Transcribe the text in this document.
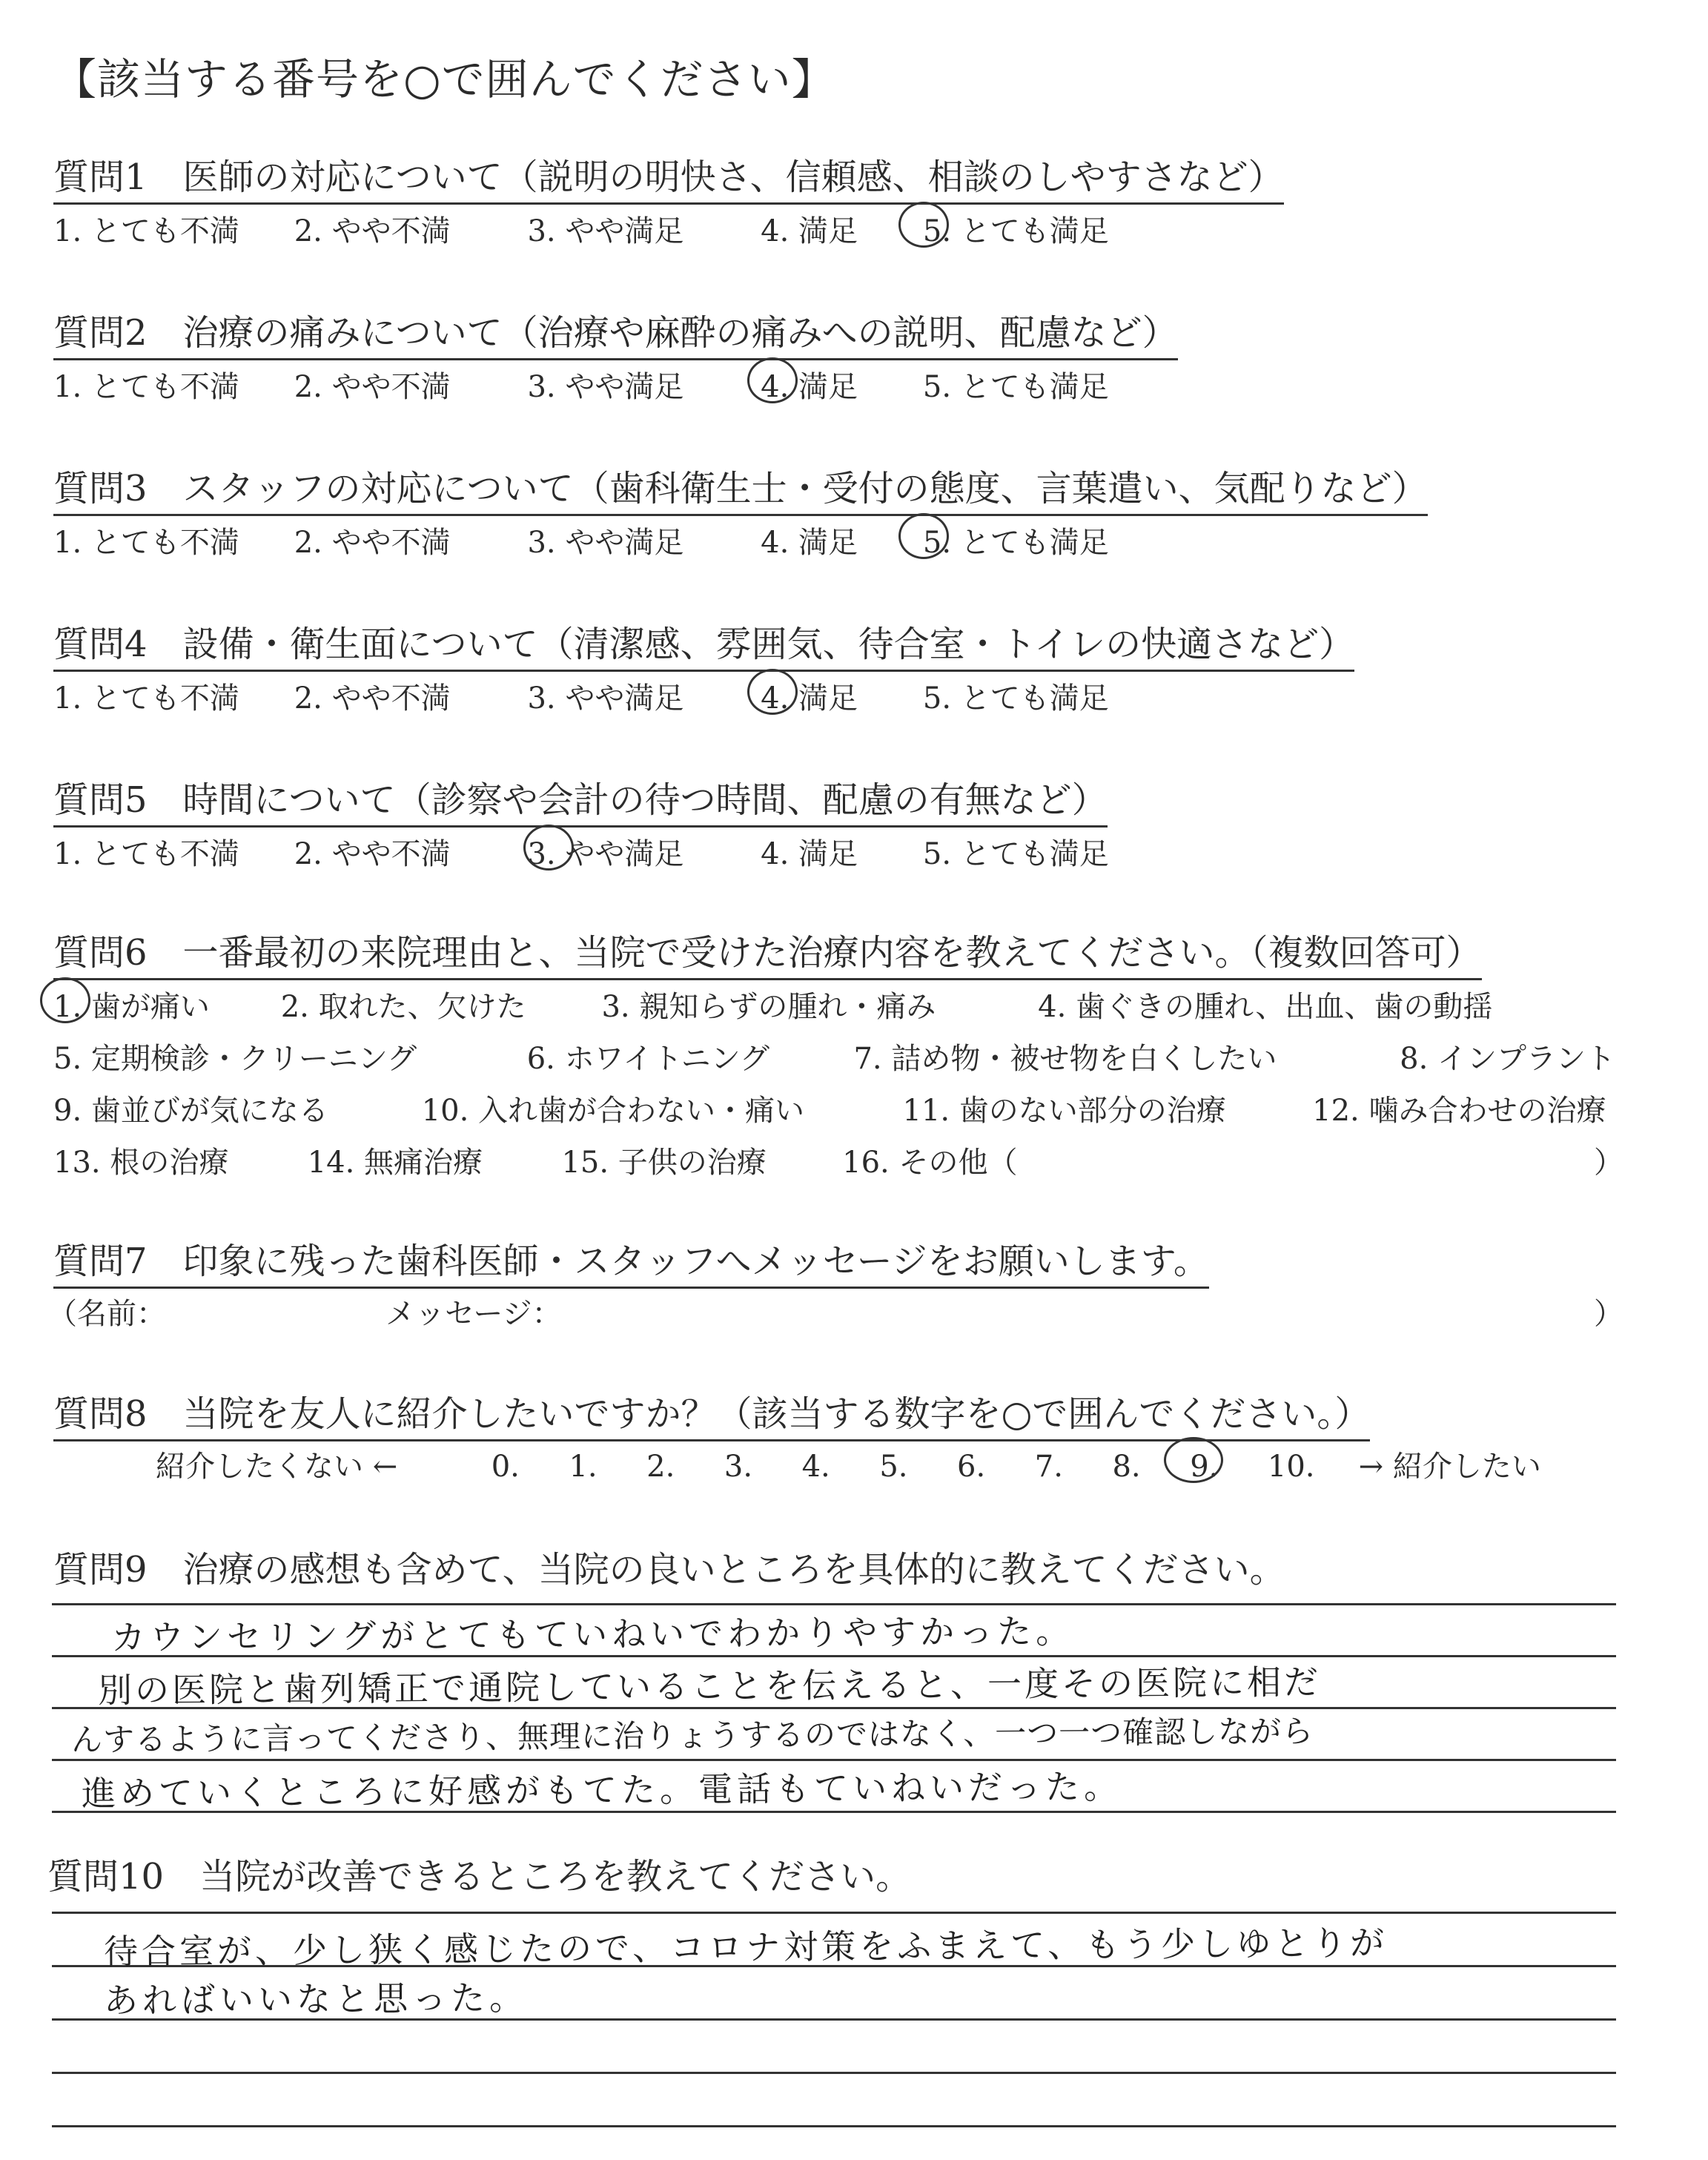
【該当する番号を○で囲んでください】
質問1　医師の対応について（説明の明快さ、信頼感、相談のしやすさなど）
1. とても不満 2. やや不満	3. やや満足	4. 満足 5. とても満足
質問2　治療の痛みについて（治療や麻酔の痛みへの説明、配慮など）
1. とても不満 2. やや不満	3. やや満足	4. 満足 5. とても満足
質問3　スタッフの対応について（歯科衛生士・受付の態度、言葉遣い、気配りなど）
1. とても不満 2. やや不満	3. やや満足	4. 満足 5. とても満足
質問4　設備・衛生面について（清潔感、雰囲気、待合室・トイレの快適さなど）
1. とても不満 2. やや不満	3. やや満足	4. 満足 5. とても満足
質問5　時間について（診察や会計の待つ時間、配慮の有無など）
1. とても不満 2. やや不満	3. やや満足	4. 満足 5. とても満足
質問6　一番最初の来院理由と、当院で受けた治療内容を教えてください。（複数回答可）
1. 歯が痛い 2. 取れた、欠けた	3. 親知らずの腫れ・痛み	4. 歯ぐきの腫れ、出血、歯の動揺
5. 定期検診・クリーニング	6. ホワイトニング	7. 詰め物・被せ物を白くしたい	8. インプラント
9. 歯並びが気になる	10. 入れ歯が合わない・痛い	11. 歯のない部分の治療	12. 噛み合わせの治療
13. 根の治療	14. 無痛治療	15. 子供の治療	16. その他（	）
質問7　印象に残った歯科医師・スタッフへメッセージをお願いします。
（名前：	メッセージ：	）
質問8　当院を友人に紹介したいですか？（該当する数字を○で囲んでください。）
紹介したくない ←	0. 1. 2. 3. 4. 5. 6. 7. 8. 9. 10. → 紹介したい
質問9　治療の感想も含めて、当院の良いところを具体的に教えてください。
カウンセリングがとてもていねいでわかりやすかった。
別の医院と歯列矯正で通院していることを伝えると、一度その医院に相だ
んするように言ってくださり、無理に治りょうするのではなく、一つ一つ確認しながら
進めていくところに好感がもてた。電話もていねいだった。
質問10　当院が改善できるところを教えてください。
待合室が、少し狭く感じたので、コロナ対策をふまえて、もう少しゆとりが
あればいいなと思った。
